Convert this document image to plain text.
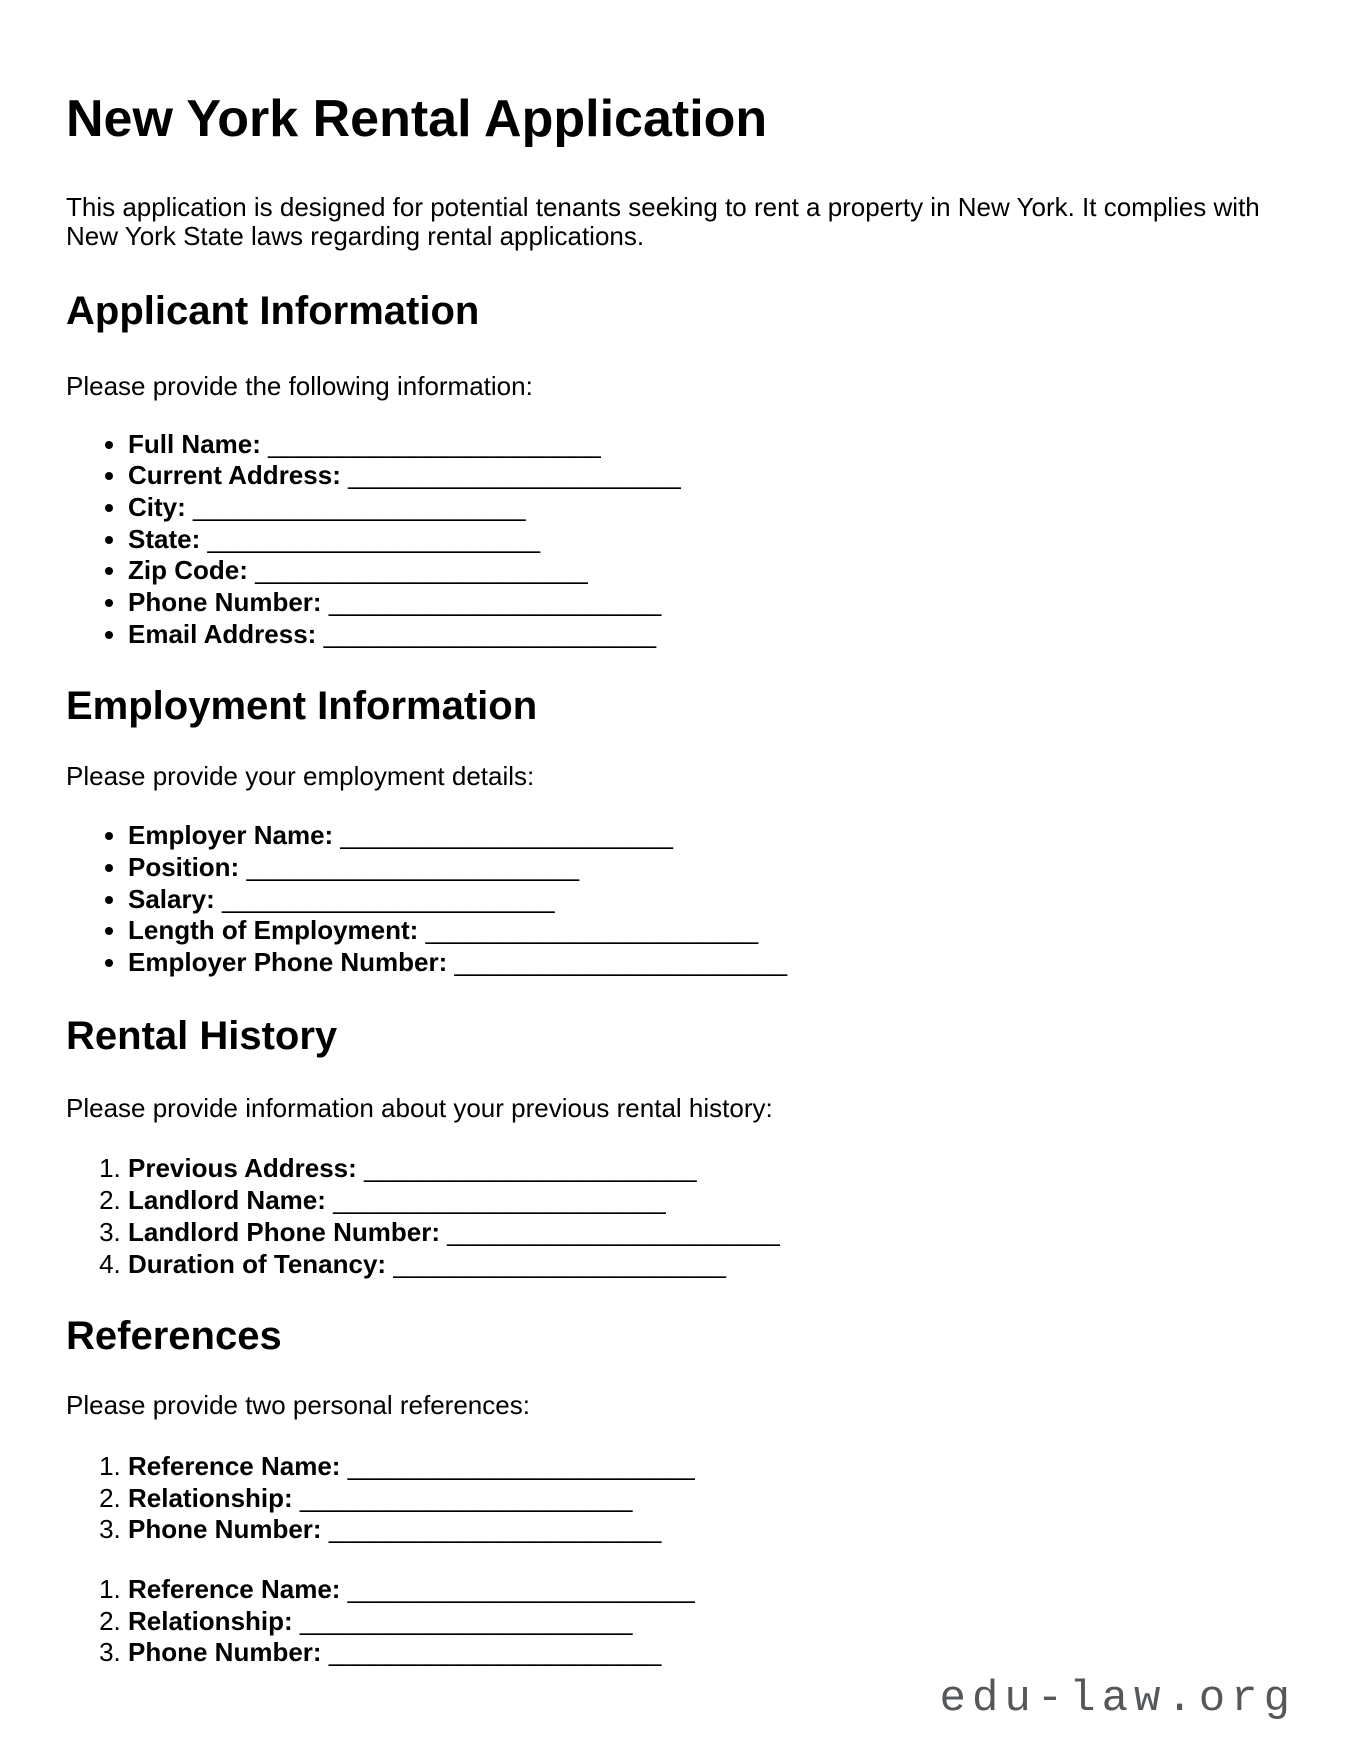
New York Rental Application

This application is designed for potential tenants seeking to rent a property in New York. It complies with New York State laws regarding rental applications.

Applicant Information

Please provide the following information:

• Full Name: _______________________
• Current Address: _______________________
• City: _______________________
• State: _______________________
• Zip Code: _______________________
• Phone Number: _______________________
• Email Address: _______________________
Employment Information

Please provide your employment details:

• Employer Name: _______________________
• Position: _______________________
• Salary: _______________________
• Length of Employment: _______________________
• Employer Phone Number: _______________________
Rental History

Please provide information about your previous rental history:

1. Previous Address: _______________________
2. Landlord Name: _______________________
3. Landlord Phone Number: _______________________
4. Duration of Tenancy: _______________________
References

Please provide two personal references:

1. Reference Name: ________________________
2. Relationship: _______________________
3. Phone Number: _______________________
1. Reference Name: ________________________
2. Relationship: _______________________
3. Phone Number: _______________________
edu-law.org
